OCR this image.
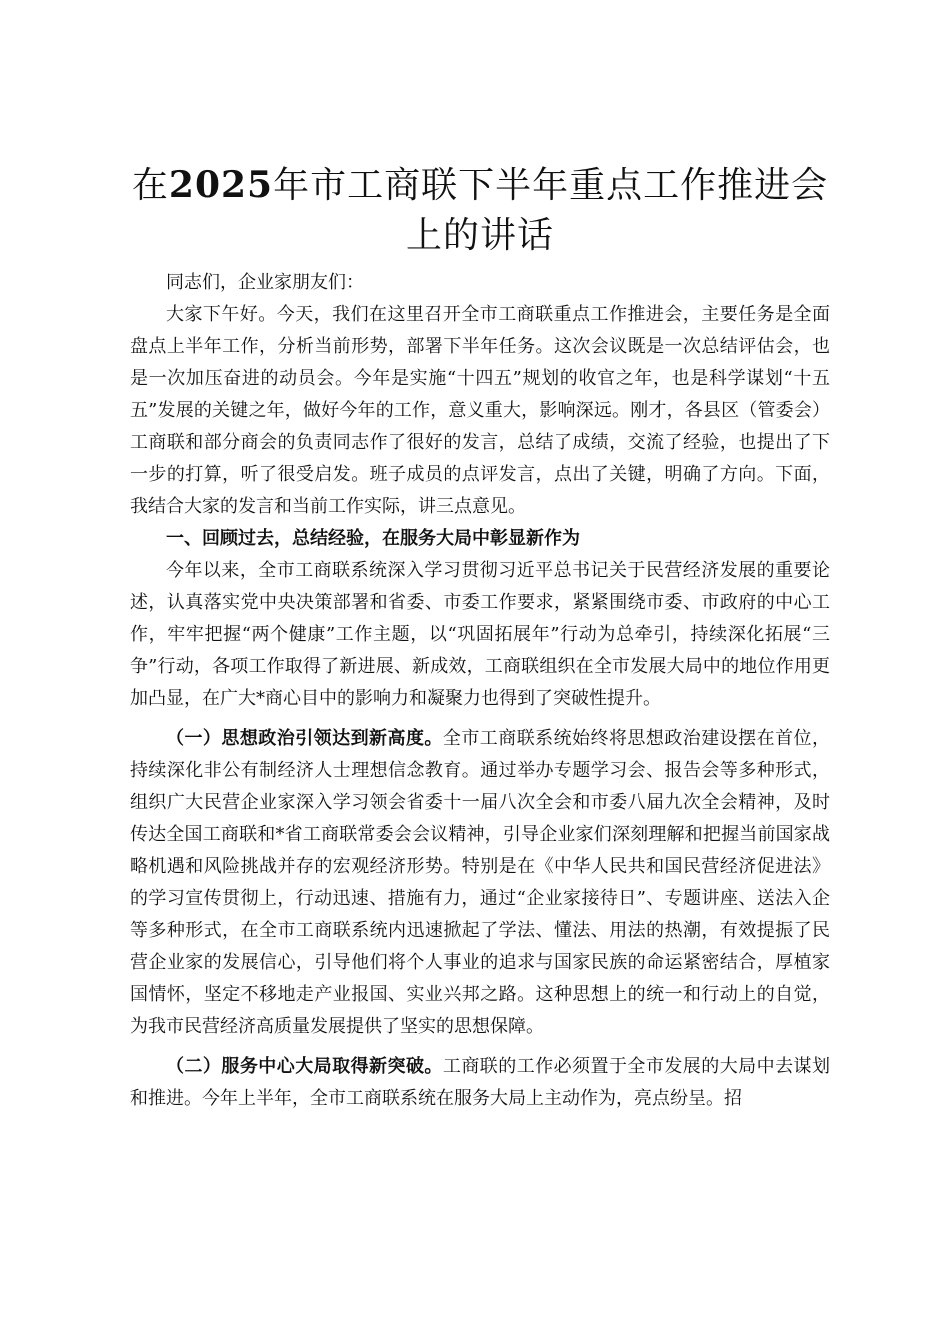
在2025年市工商联下半年重点工作推进会上的讲话

同志们，企业家朋友们：

大家下午好。今天，我们在这里召开全市工商联重点工作推进会，主要任务是全面盘点上半年工作，分析当前形势，部署下半年任务。这次会议既是一次总结评估会，也是一次加压奋进的动员会。今年是实施“十四五”规划的收官之年，也是科学谋划“十五五”发展的关键之年，做好今年的工作，意义重大，影响深远。刚才，各县区（管委会）工商联和部分商会的负责同志作了很好的发言，总结了成绩，交流了经验，也提出了下一步的打算，听了很受启发。班子成员的点评发言，点出了关键，明确了方向。下面，我结合大家的发言和当前工作实际，讲三点意见。

一、回顾过去，总结经验，在服务大局中彰显新作为

今年以来，全市工商联系统深入学习贯彻习近平总书记关于民营经济发展的重要论述，认真落实党中央决策部署和省委、市委工作要求，紧紧围绕市委、市政府的中心工作，牢牢把握“两个健康”工作主题，以“巩固拓展年”行动为总牵引，持续深化拓展“三争”行动，各项工作取得了新进展、新成效，工商联组织在全市发展大局中的地位作用更加凸显，在广大*商心目中的影响力和凝聚力也得到了突破性提升。

（一）思想政治引领达到新高度。全市工商联系统始终将思想政治建设摆在首位，持续深化非公有制经济人士理想信念教育。通过举办专题学习会、报告会等多种形式，组织广大民营企业家深入学习领会省委十一届八次全会和市委八届九次全会精神，及时传达全国工商联和*省工商联常委会会议精神，引导企业家们深刻理解和把握当前国家战略机遇和风险挑战并存的宏观经济形势。特别是在《中华人民共和国民营经济促进法》的学习宣传贯彻上，行动迅速、措施有力，通过“企业家接待日”、专题讲座、送法入企等多种形式，在全市工商联系统内迅速掀起了学法、懂法、用法的热潮，有效提振了民营企业家的发展信心，引导他们将个人事业的追求与国家民族的命运紧密结合，厚植家国情怀，坚定不移地走产业报国、实业兴邦之路。这种思想上的统一和行动上的自觉，为我市民营经济高质量发展提供了坚实的思想保障。

（二）服务中心大局取得新突破。工商联的工作必须置于全市发展的大局中去谋划和推进。今年上半年，全市工商联系统在服务大局上主动作为，亮点纷呈。招
